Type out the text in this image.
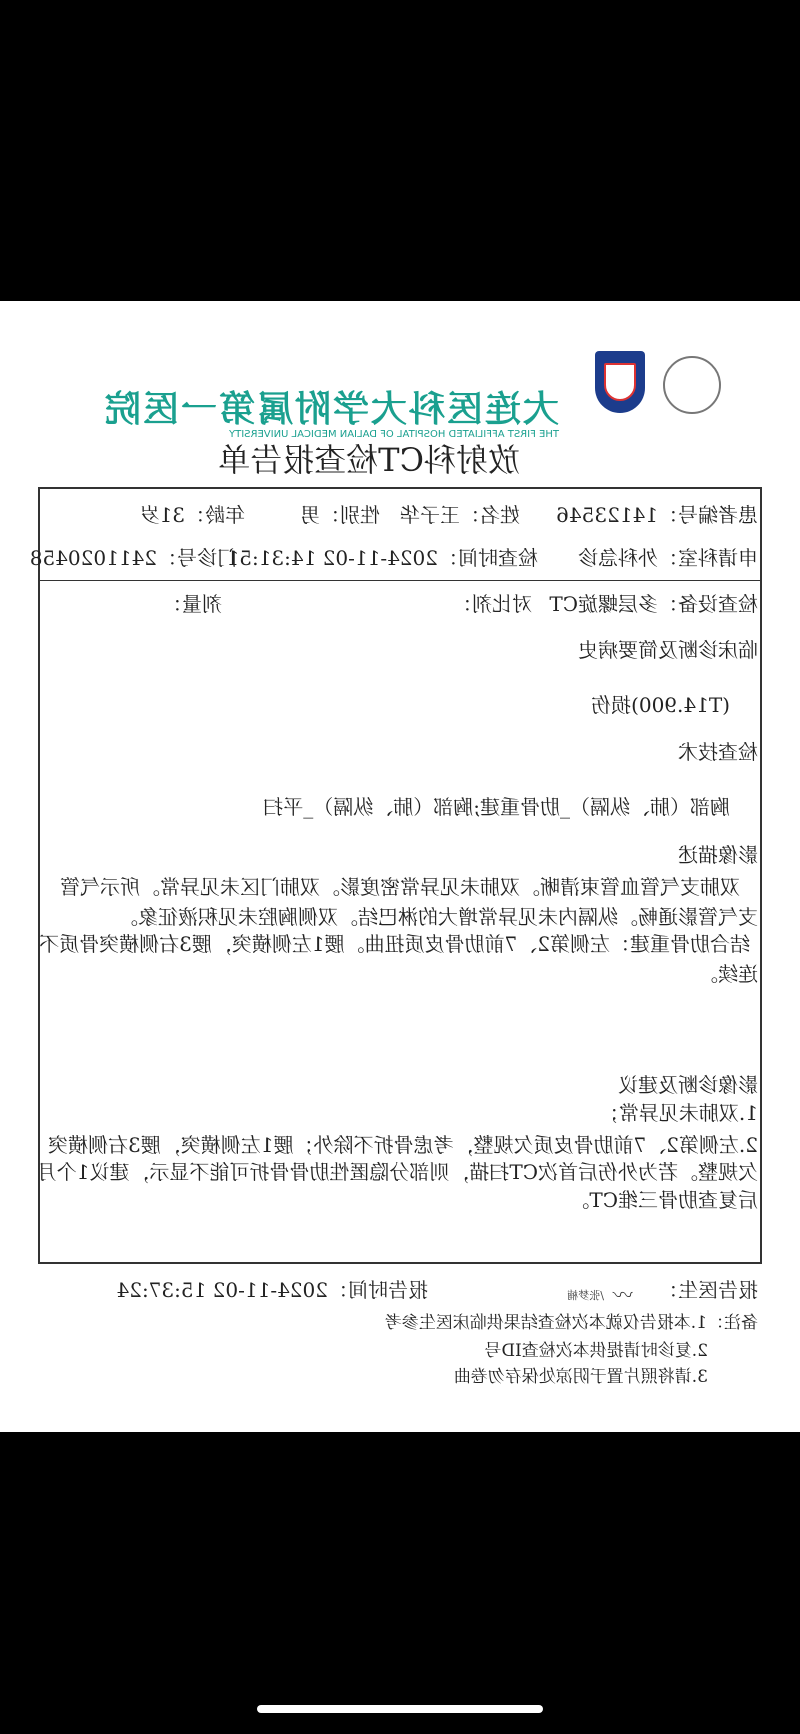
大连医科大学附属第一医院
THE FIRST AFFILIATED HOSPITAL OF DALIAN MEDICAL UNIVERSITY
放射科CT检查报告单
患者编号：14123546
姓名：王子华
性别：男
年龄：31岁
申请科室：外科急诊
检查时间：2024-11-02 14:31:51
门诊号：2411020458
检查设备：多层螺旋CT
对比剂：
剂量：
临床诊断及简要病史
(T14.900)损伤
检查技术
胸部（肺、纵隔）_肋骨重建;胸部（肺、纵隔）_平扫
影像描述
双肺支气管血管束清晰。双肺未见异常密度影。双肺门区未见异常。所示气管
支气管影通畅。纵隔内未见异常增大的淋巴结。双侧胸腔未见积液征象。
结合肋骨重建：左侧第2、7前肋骨皮质扭曲。腰1左侧横突，腰3右侧横突骨质不
连续。
影像诊断及建议
1.双肺未见异常；
2.左侧第2、7前肋骨皮质欠规整，考虑骨折不除外；腰1左侧横突，腰3右侧横突
欠规整。若为外伤后首次CT扫描，则部分隐匿性肋骨骨折可能不显示，建议1个月
后复查肋骨三维CT。
报告医生：
〰︎
/张梦楠
报告时间：2024-11-02 15:37:24
备注：1.本报告仅就本次检查结果供临床医生参考
2.复诊时请提供本次检查ID号
3.请将照片置于阴凉处保存勿卷曲
